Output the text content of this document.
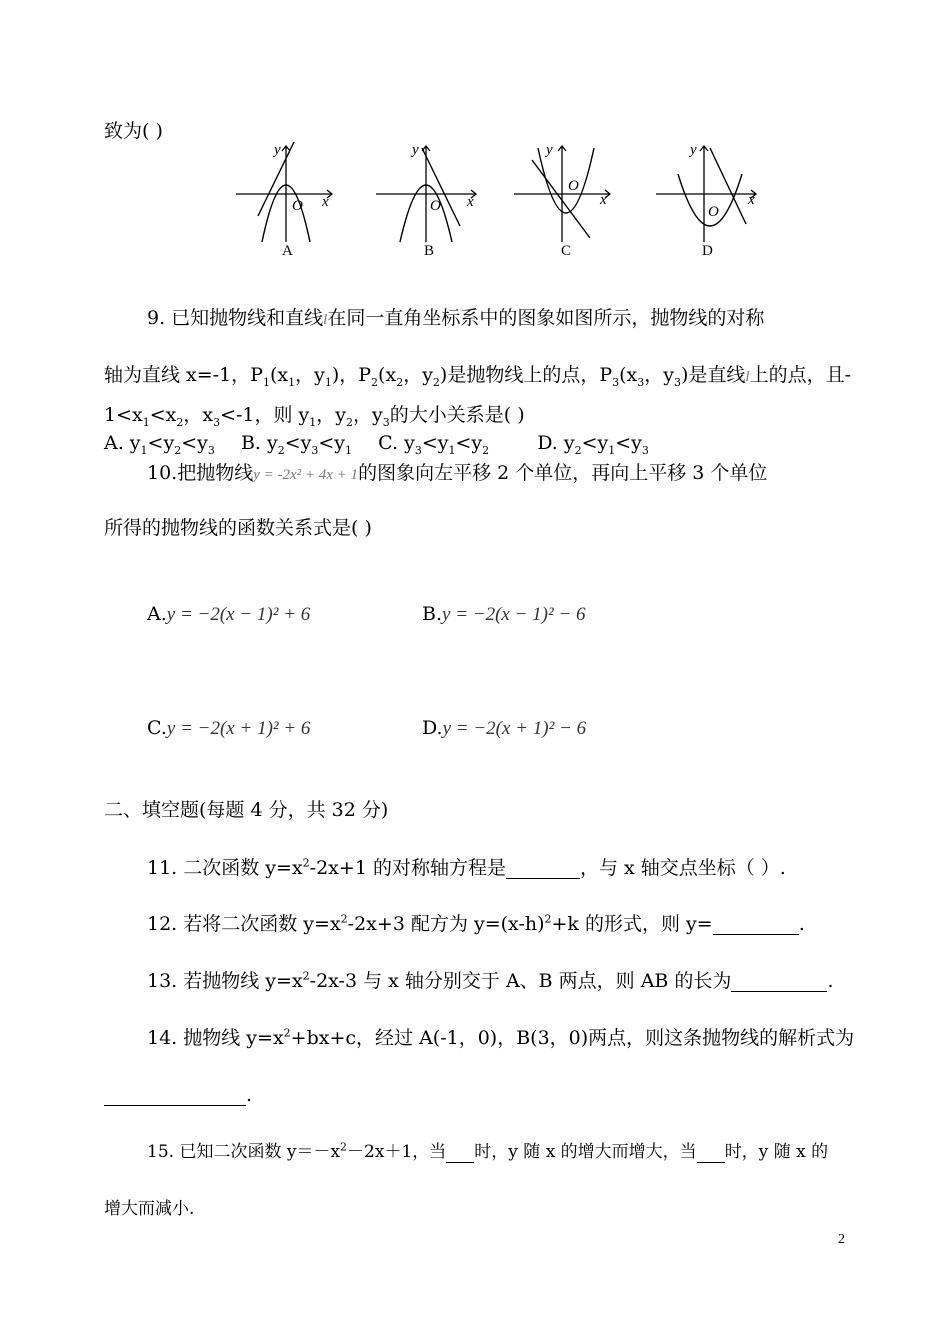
致为( )
y
x
O
y
x
O
y
x
O
y
x
O
A	B	C	D
9. 已知抛物线和直线l在同一直角坐标系中的图象如图所示，抛物线的对称
轴为直线 x=-1，$P_1(x_1$，$y_1$)，$P_2(x_2$，$y_2$)是抛物线上的点，$P_3(x_3$，$y_3$)是直线l上的点，且-
$1<x_1<x_2$，$x_3<-1$，则 $y_1$，$y_2$，$y_3$的大小关系是( )
A. $y_1<y_2<y_3$ B. $y_2<y_3<y_1$ C. $y_3<y_1<y_2$	D. $y_2<y_1<y_3$
10.把抛物线y = -2x² + 4x + 1的图象向左平移 2 个单位，再向上平移 3 个单位
所得的抛物线的函数关系式是( )
A.y = −2(x − 1)² + 6	B.y = −2(x − 1)² − 6
C.y = −2(x + 1)² + 6	D.y = −2(x + 1)² − 6
二、填空题(每题 4 分，共 32 分)
11. 二次函数 $y=x^2-2x+1$ 的对称轴方程是	，与 x 轴交点坐标（ ）.
12. 若将二次函数 $y=x^2-2x+3$ 配方为 $y=(x-h)^2+k$ 的形式，则 y=	.
13. 若抛物线 $y=x^2-2x-3$ 与 x 轴分别交于 A、B 两点，则 AB 的长为	.
14. 抛物线 $y=x^2+bx+c$，经过 A(-1，0)，B(3，0)两点，则这条抛物线的解析式为
.
15. 已知二次函数 $y=-x^2-2x+1$，当 时，y 随 x 的增大而增大，当 时，y 随 x 的
增大而减小.
2
